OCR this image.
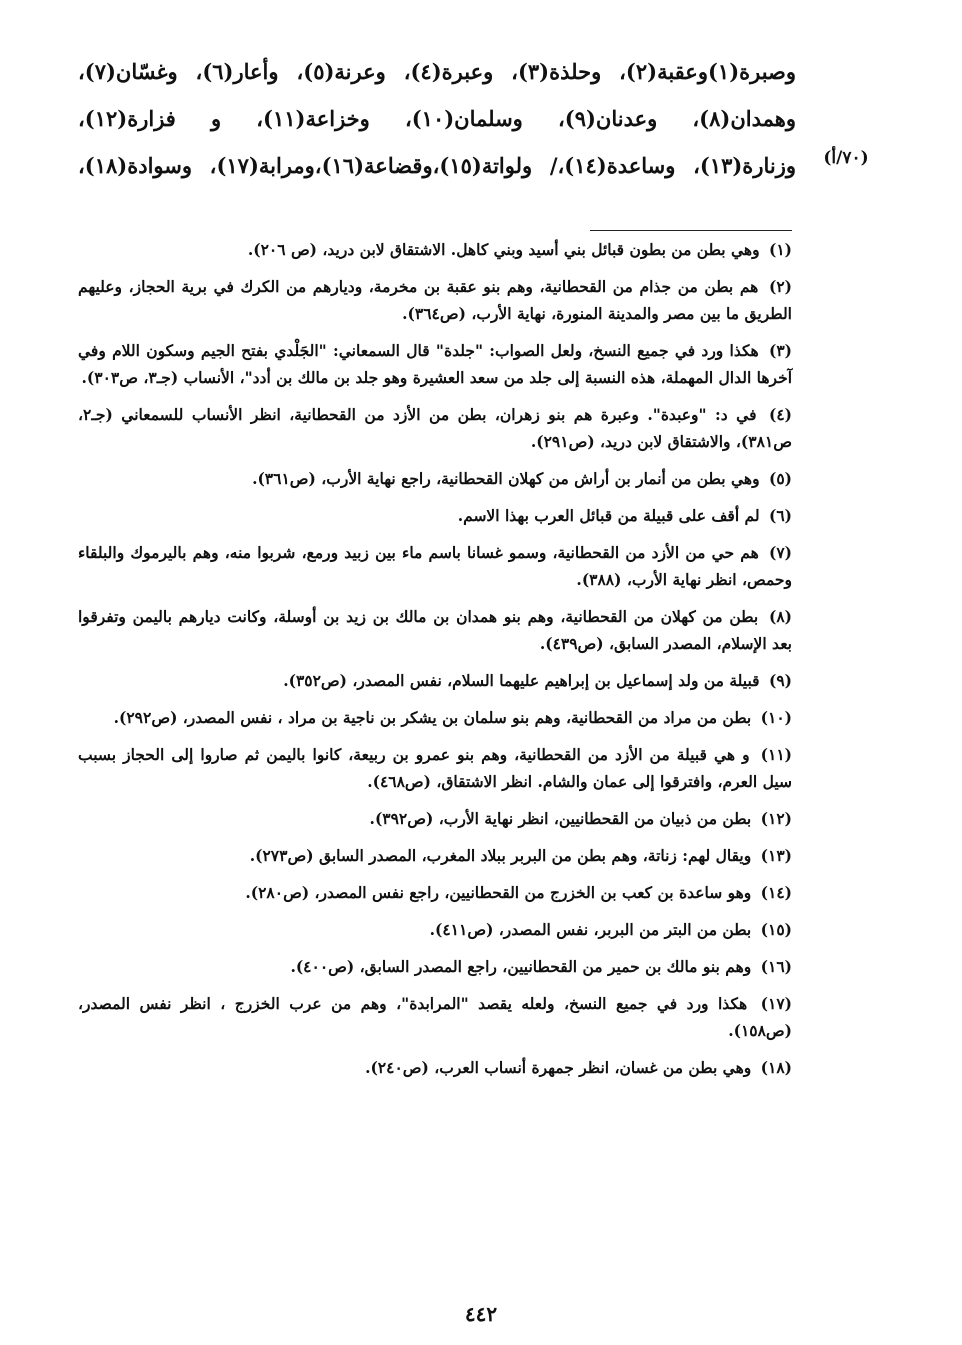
وصبرة(١)وعقبة(٢)، وحلذة(٣)، وعبرة(٤)، وعرنة(٥)، وأعار(٦)، وغسّان(٧)،
وهمدان(٨)، وعدنان(٩)، وسلمان(١٠)، وخزاعة(١١)، و فزارة(١٢)،
وزنارة(١٣)، وساعدة(١٤)،/ ولواتة(١٥)،وقضاعة(١٦)،ومرابة(١٧)، وسوادة(١٨)،	(٧٠/أ)
(١) وهي بطن من بطون قبائل بني أسيد وبني كاهل. الاشتقاق لابن دريد، (ص ٢٠٦).
(٢) هم بطن من جذام من القحطانية، وهم بنو عقبة بن مخرمة، وديارهم من الكرك في برية الحجاز، وعليهم الطريق ما بين مصر والمدينة المنورة، نهاية الأرب، (ص٣٦٤).
(٣) هكذا ورد في جميع النسخ، ولعل الصواب: "جلدة" قال السمعاني: "الجَلْدي بفتح الجيم وسكون اللام وفي آخرها الدال المهملة، هذه النسبة إلى جلد من سعد العشيرة وهو جلد بن مالك بن أدد"، الأنساب (جـ٣، ص٣٠٣).
(٤) في د: "وعبدة". وعبرة هم بنو زهران، بطن من الأزد من القحطانية، انظر الأنساب للسمعاني (جـ٢، ص٣٨١)، والاشتقاق لابن دريد، (ص٢٩١).
(٥) وهي بطن من أنمار بن أراش من كهلان القحطانية، راجع نهاية الأرب، (ص٣٦١).
(٦) لم أقف على قبيلة من قبائل العرب بهذا الاسم.
(٧) هم حي من الأزد من القحطانية، وسمو غسانا باسم ماء بين زبيد ورمع، شربوا منه، وهم باليرموك والبلقاء وحمص، انظر نهاية الأرب، (٣٨٨).
(٨) بطن من كهلان من القحطانية، وهم بنو همدان بن مالك بن زيد بن أوسلة، وكانت ديارهم باليمن وتفرقوا بعد الإسلام، المصدر السابق، (ص٤٣٩).
(٩) قبيلة من ولد إسماعيل بن إبراهيم عليهما السلام، نفس المصدر، (ص٣٥٢).
(١٠) بطن من مراد من القحطانية، وهم بنو سلمان بن يشكر بن ناجية بن مراد ، نفس المصدر، (ص٢٩٢).
(١١) و هي قبيلة من الأزد من القحطانية، وهم بنو عمرو بن ربيعة، كانوا باليمن ثم صاروا إلى الحجاز بسبب سيل العرم، وافترقوا إلى عمان والشام. انظر الاشتقاق، (ص٤٦٨).
(١٢) بطن من ذبيان من القحطانيين، انظر نهاية الأرب، (ص٣٩٢).
(١٣) ويقال لهم: زناتة، وهم بطن من البربر ببلاد المغرب، المصدر السابق (ص٢٧٣).
(١٤) وهو ساعدة بن كعب بن الخزرج من القحطانيين، راجع نفس المصدر، (ص٢٨٠).
(١٥) بطن من البتر من البربر، نفس المصدر، (ص٤١١).
(١٦) وهم بنو مالك بن حمير من القحطانيين، راجع المصدر السابق، (ص٤٠٠).
(١٧) هكذا ورد في جميع النسخ، ولعله يقصد "المرابدة"، وهم من عرب الخزرج ، انظر نفس المصدر، (ص١٥٨).
(١٨) وهي بطن من غسان، انظر جمهرة أنساب العرب، (ص٢٤٠).
٤٤٢
